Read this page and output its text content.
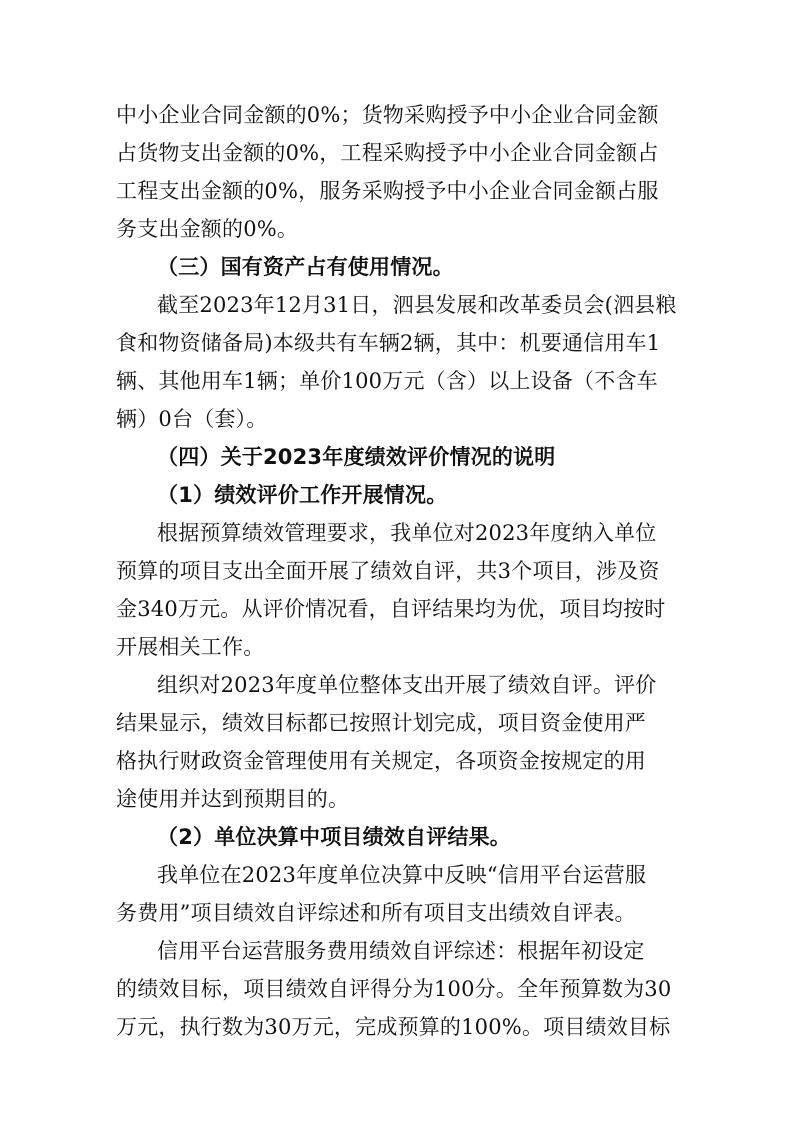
中小企业合同金额的0%；货物采购授予中小企业合同金额
占货物支出金额的0%，工程采购授予中小企业合同金额占
工程支出金额的0%，服务采购授予中小企业合同金额占服
务支出金额的0%。
（三）国有资产占有使用情况。
截至2023年12月31日，泗县发展和改革委员会(泗县粮
食和物资储备局)本级共有车辆2辆，其中：机要通信用车1
辆、其他用车1辆；单价100万元（含）以上设备（不含车
辆）0台（套）。
（四）关于2023年度绩效评价情况的说明
（1）绩效评价工作开展情况。
根据预算绩效管理要求，我单位对2023年度纳入单位
预算的项目支出全面开展了绩效自评，共3个项目，涉及资
金340万元。从评价情况看，自评结果均为优，项目均按时
开展相关工作。
组织对2023年度单位整体支出开展了绩效自评。评价
结果显示，绩效目标都已按照计划完成，项目资金使用严
格执行财政资金管理使用有关规定，各项资金按规定的用
途使用并达到预期目的。
（2）单位决算中项目绩效自评结果。
我单位在2023年度单位决算中反映“信用平台运营服
务费用”项目绩效自评综述和所有项目支出绩效自评表。
信用平台运营服务费用绩效自评综述：根据年初设定
的绩效目标，项目绩效自评得分为100分。全年预算数为30
万元，执行数为30万元，完成预算的100%。项目绩效目标
